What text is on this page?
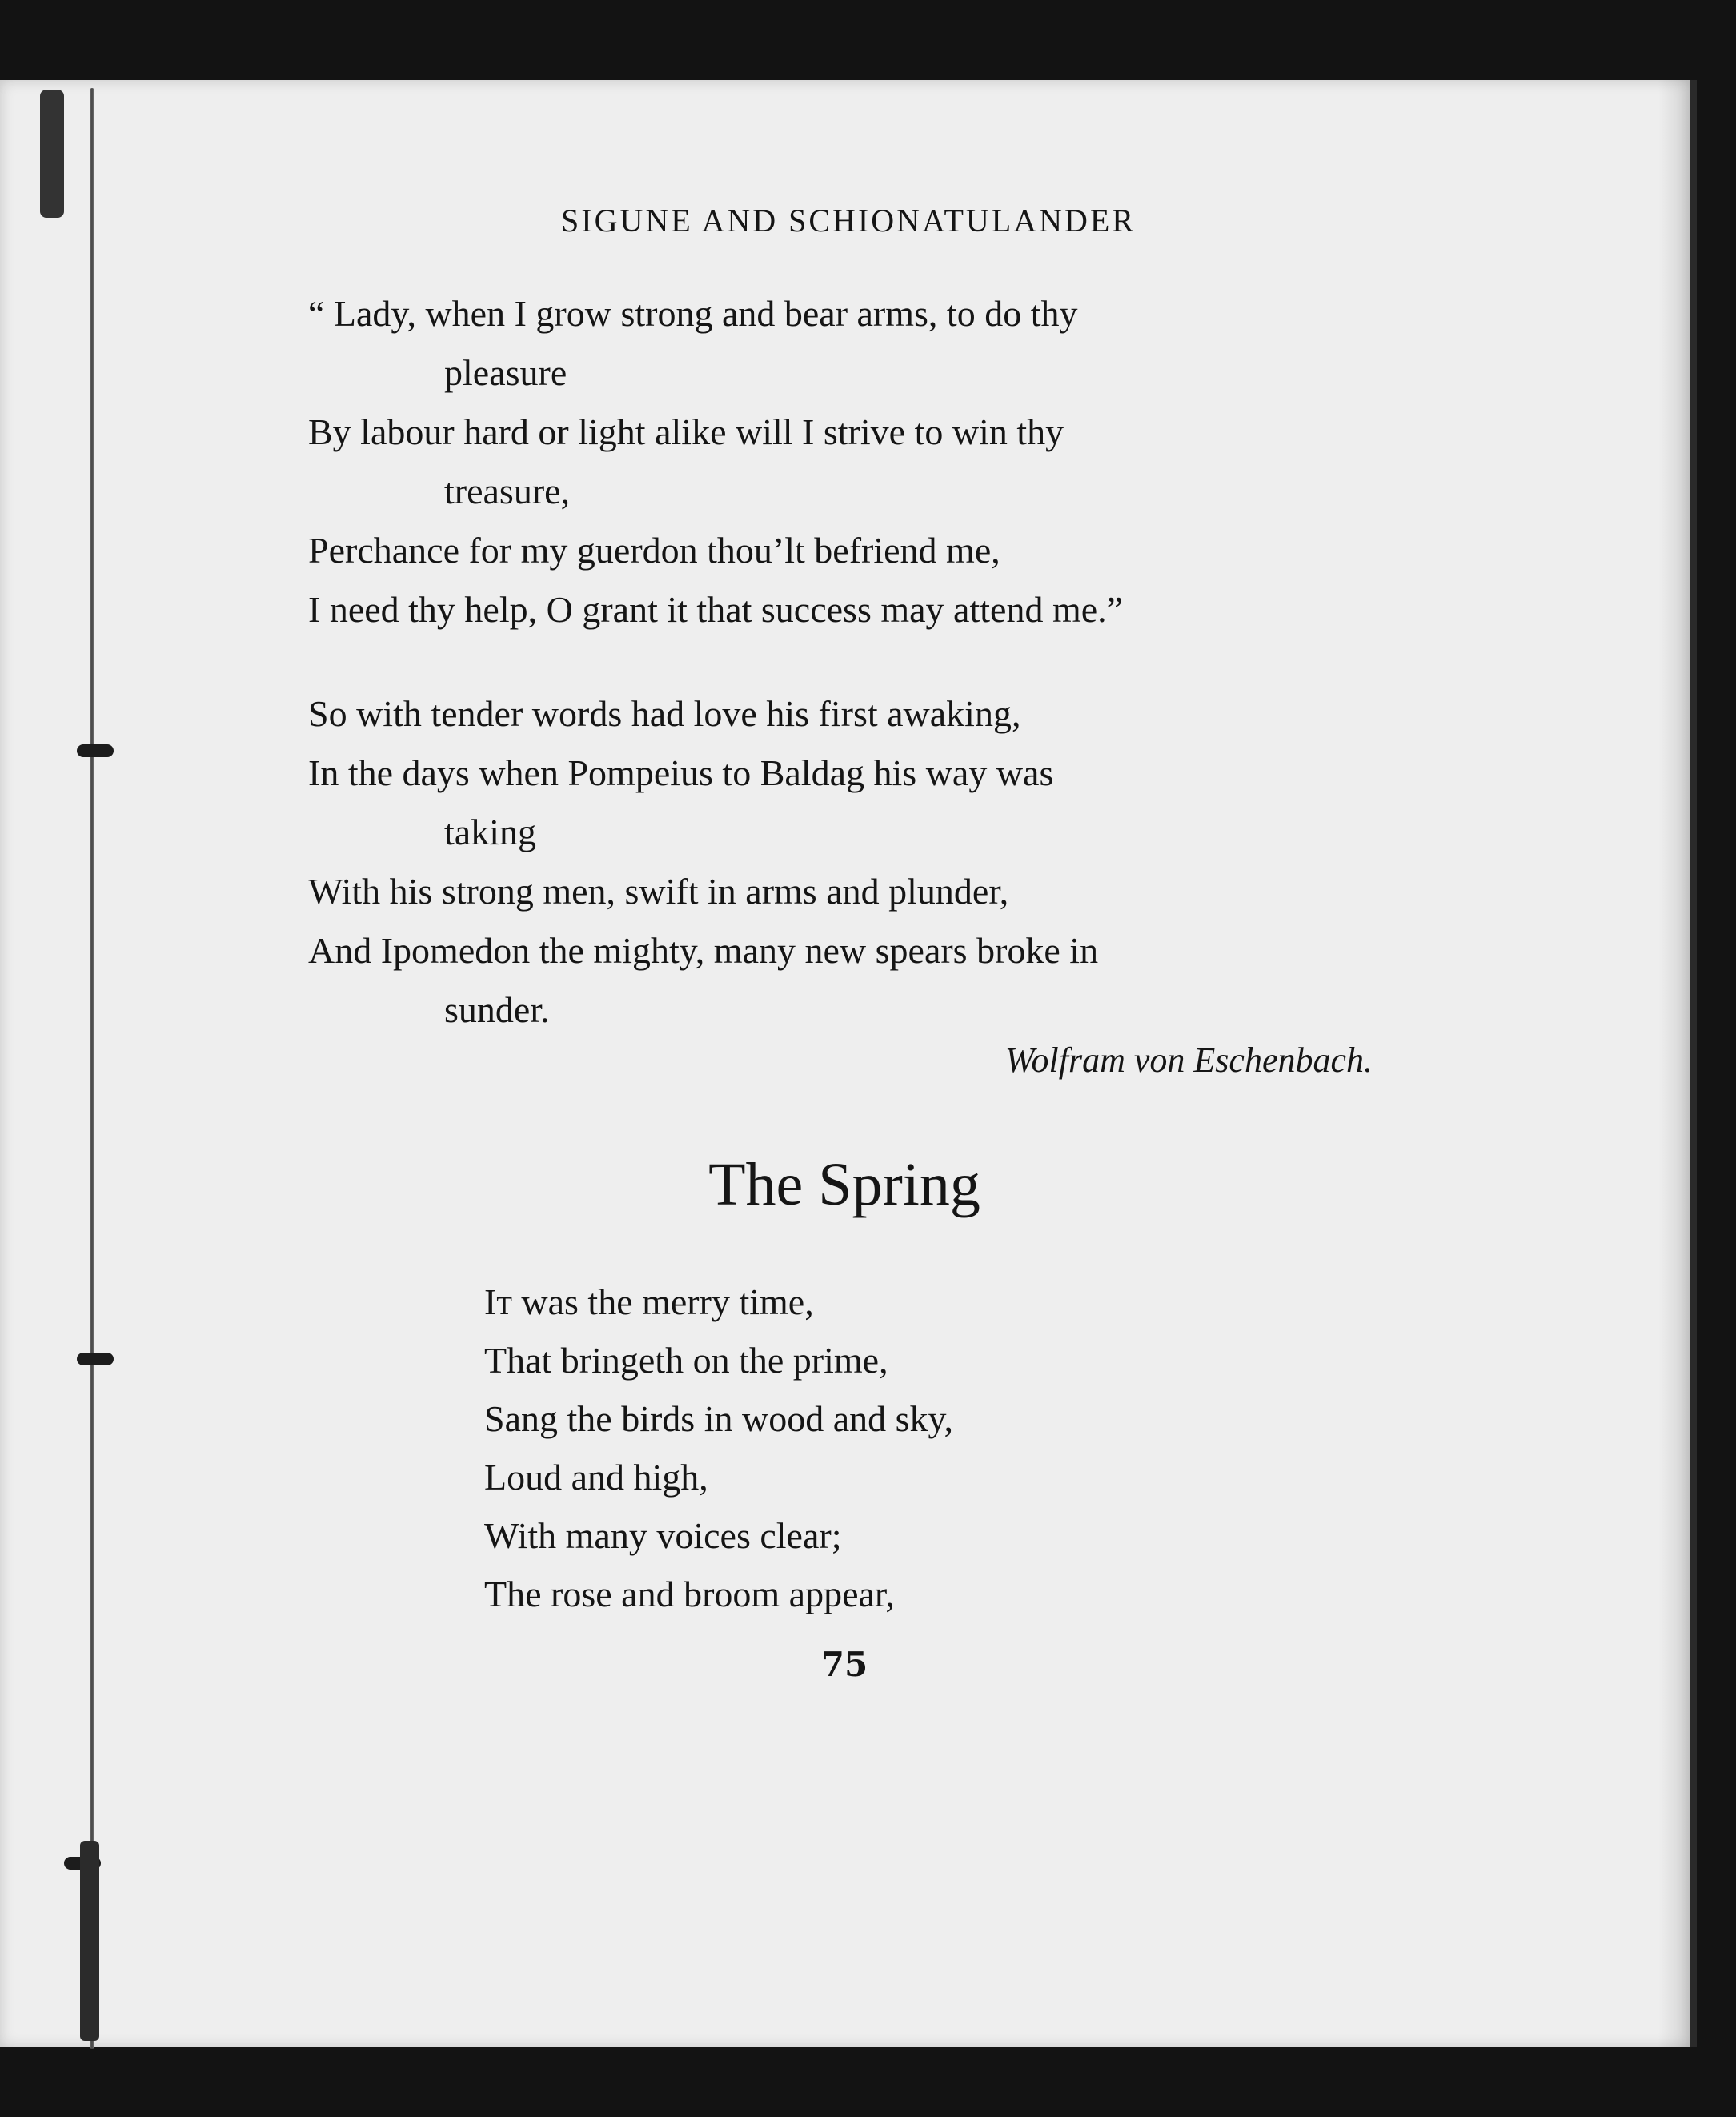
SIGUNE AND SCHIONATULANDER
“ Lady, when I grow strong and bear arms, to do thy
pleasure
By labour hard or light alike will I strive to win thy
treasure,
Perchance for my guerdon thou’lt befriend me,
I need thy help, O grant it that success may attend me.”
So with tender words had love his first awaking,
In the days when Pompeius to Baldag his way was
taking
With his strong men, swift in arms and plunder,
And Ipomedon the mighty, many new spears broke in
sunder.
Wolfram von Eschenbach.
The Spring
It was the merry time,
That bringeth on the prime,
Sang the birds in wood and sky,
Loud and high,
With many voices clear;
The rose and broom appear,
75
